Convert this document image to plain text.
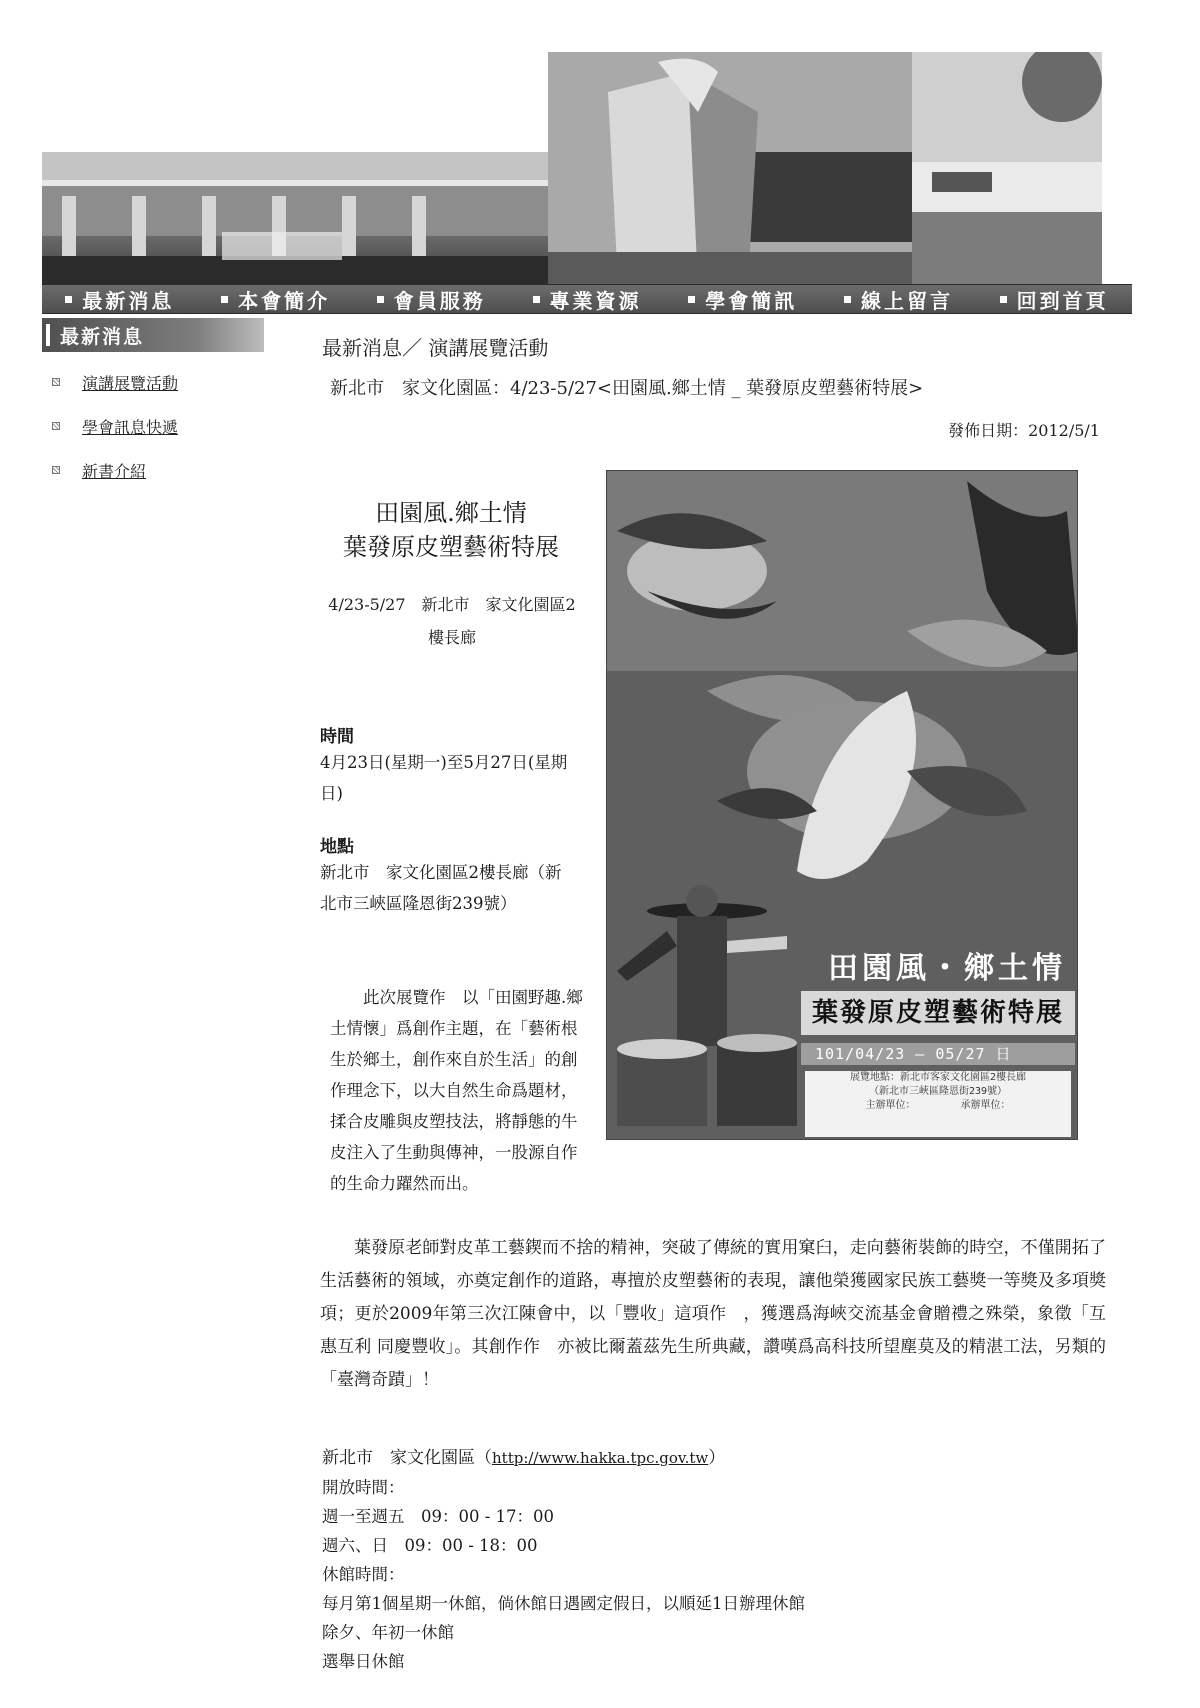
最新消息	本會簡介	會員服務	專業資源	學會簡訊	線上留言	回到首頁
最新消息
演講展覽活動
學會訊息快遞
新書介紹
最新消息／ 演講展覽活動
新北市　家文化園區：4/23-5/27<田園風.鄉土情 _ 葉發原皮塑藝術特展>
發佈日期：2012/5/1
田園風.鄉土情
葉發原皮塑藝術特展
4/23-5/27　新北市　家文化園區2樓長廊
時間
4月23日(星期一)至5月27日(星期日)
地點
新北市　家文化園區2樓長廊（新北市三峽區隆恩街239號）
此次展覽作　以「田園野趣.鄉土情懷」爲創作主題，在「藝術根生於鄉土，創作來自於生活」的創作理念下，以大自然生命爲題材，揉合皮雕與皮塑技法，將靜態的牛皮注入了生動與傳神，一股源自作的生命力躍然而出。
田園風・鄉土情
葉發原皮塑藝術特展
101/04/23 — 05/27 日
展覽地點：新北市客家文化園區2樓長廊
（新北市三峽區隆恩街239號）
主辦單位：　　　　　承辦單位：
葉發原老師對皮革工藝鍥而不捨的精神，突破了傳統的實用窠臼，走向藝術裝飾的時空，不僅開拓了生活藝術的領域，亦奠定創作的道路，專擅於皮塑藝術的表現，讓他榮獲國家民族工藝獎一等獎及多項獎項；更於2009年第三次江陳會中，以「豐收」這項作　，獲選爲海峽交流基金會贈禮之殊榮，象徵「互惠互利 同慶豐收」。其創作作　亦被比爾蓋茲先生所典藏，讚嘆爲高科技所望塵莫及的精湛工法，另類的「臺灣奇蹟」！
新北市　家文化園區（http://www.hakka.tpc.gov.tw）
開放時間：
週一至週五　09：00 - 17：00
週六、日　09：00 - 18：00
休館時間：
每月第1個星期一休館，倘休館日遇國定假日，以順延1日辦理休館
除夕、年初一休館
選舉日休館
